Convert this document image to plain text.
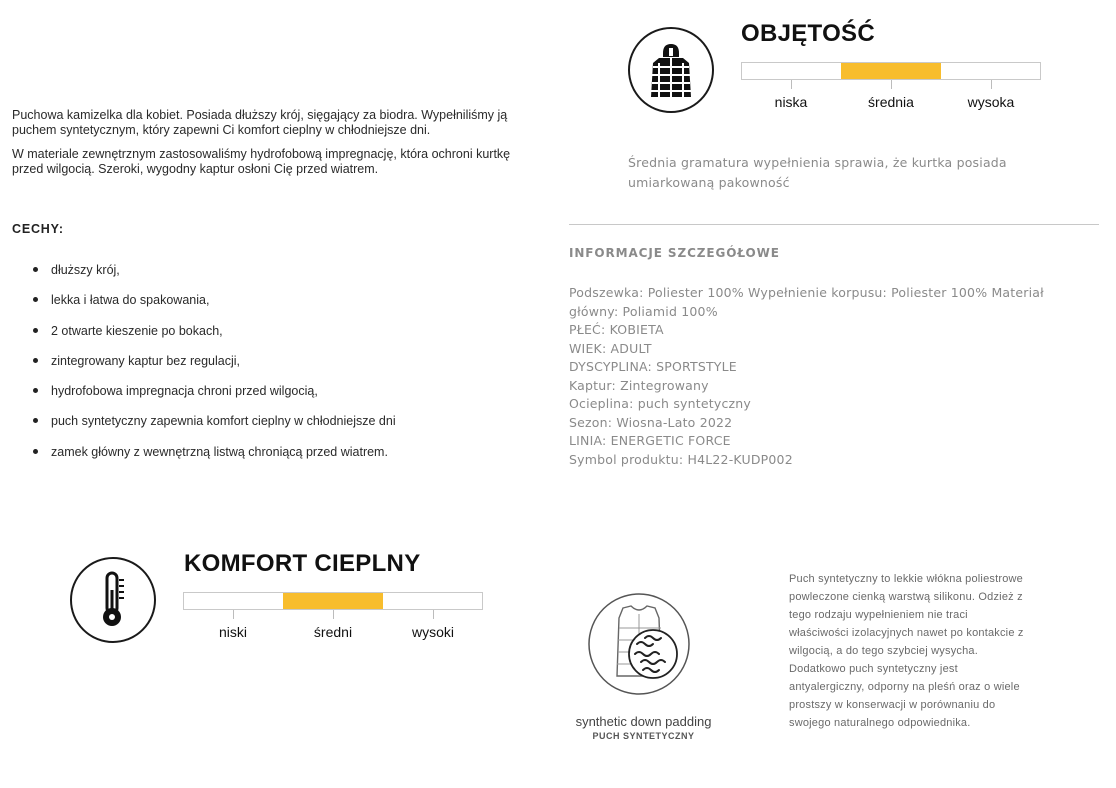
Puchowa kamizelka dla kobiet. Posiada dłuższy krój, sięgający za biodra. Wypełniliśmy ją puchem syntetycznym, który zapewni Ci komfort cieplny w chłodniejsze dni.

W materiale zewnętrznym zastosowaliśmy hydrofobową impregnację, która ochroni kurtkę przed wilgocią. Szeroki, wygodny kaptur osłoni Cię przed wiatrem.

CECHY:
dłuższy krój,
lekka i łatwa do spakowania,
2 otwarte kieszenie po bokach,
zintegrowany kaptur bez regulacji,
hydrofobowa impregnacja chroni przed wilgocią,
puch syntetyczny zapewnia komfort cieplny w chłodniejsze dni
zamek główny z wewnętrzną listwą chroniącą przed wiatrem.
OBJĘTOŚĆ
niska	średnia	wysoka
Średnia gramatura wypełnienia sprawia, że kurtka posiada umiarkowaną pakowność
INFORMACJE SZCZEGÓŁOWE
Podszewka: Poliester 100% Wypełnienie korpusu: Poliester 100% Materiał główny: Poliamid 100%
PŁEĆ: KOBIETA
WIEK: ADULT
DYSCYPLINA: SPORTSTYLE
Kaptur: Zintegrowany
Ocieplina: puch syntetyczny
Sezon: Wiosna-Lato 2022
LINIA: ENERGETIC FORCE
Symbol produktu: H4L22-KUDP002
KOMFORT CIEPLNY
niski	średni	wysoki
synthetic down padding
PUCH SYNTETYCZNY
Puch syntetyczny to lekkie włókna poliestrowe powleczone cienką warstwą silikonu. Odzież z tego rodzaju wypełnieniem nie traci właściwości izolacyjnych nawet po kontakcie z wilgocią, a do tego szybciej wysycha. Dodatkowo puch syntetyczny jest antyalergiczny, odporny na pleśń oraz o wiele prostszy w konserwacji w porównaniu do swojego naturalnego odpowiednika.
